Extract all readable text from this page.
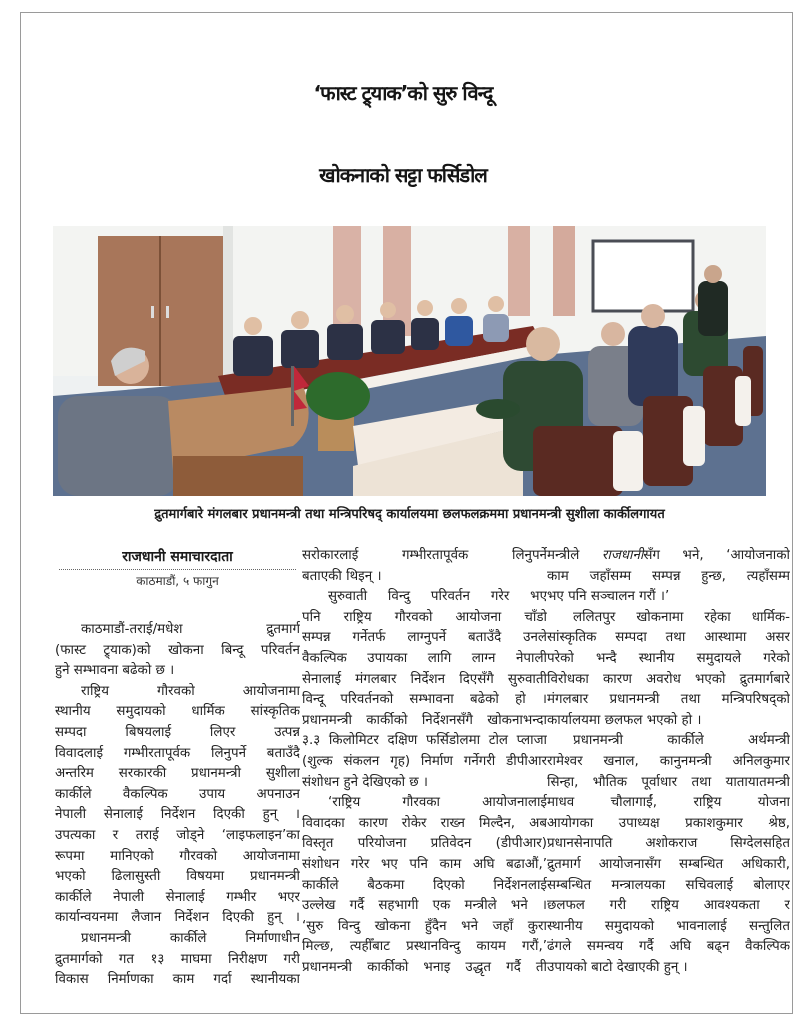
‘फास्ट ट्र्याक’को सुरु विन्दू
खोकनाको सट्टा फर्सिडोल
द्रुतमार्गबारे मंगलबार प्रधानमन्त्री तथा मन्त्रिपरिषद् कार्यालयमा छलफलक्रममा प्रधानमन्त्री सुशीला कार्कीलगायत
राजधानी समाचारदाता
काठमाडौं, ५ फागुन
काठमाडौं-तराई/मधेश द्रुतमार्ग
(फास्ट ट्र्याक)को खोकना बिन्दू परिवर्तन
हुने सम्भावना बढेको छ ।
राष्ट्रिय गौरवको आयोजनामा
स्थानीय समुदायको धार्मिक सांस्कृतिक
सम्पदा बिषयलाई लिएर उत्पन्न
विवादलाई गम्भीरतापूर्वक लिनुपर्ने बताउँदै
अन्तरिम सरकारकी प्रधानमन्त्री सुशीला
कार्कीले वैकल्पिक उपाय अपनाउन
नेपाली सेनालाई निर्देशन दिएकी हुन् ।
उपत्यका र तराई जोड्ने ‘लाइफलाइन’का
रूपमा मानिएको गौरवको आयोजनामा
भएको ढिलासुस्ती विषयमा प्रधानमन्त्री
कार्कीले नेपाली सेनालाई गम्भीर भएर
कार्यान्वयनमा लैजान निर्देशन दिएकी हुन् ।
प्रधानमन्त्री कार्कीले निर्माणाधीन
द्रुतमार्गको गत १३ माघमा निरीक्षण गरी
विकास निर्माणका काम गर्दा स्थानीयका
सरोकारलाई गम्भीरतापूर्वक लिनुपर्ने
बताएकी थिइन् ।
सुरुवाती विन्दु परिवर्तन गरेर भए
पनि राष्ट्रिय गौरवको आयोजना चाँडो
सम्पन्न गर्नेतर्फ लाग्नुपर्ने बताउँदै उनले
वैकल्पिक उपायका लागि लाग्न नेपाली
सेनालाई मंगलबार निर्देशन दिएसँगै सुरुवाती
विन्दू परिवर्तनको सम्भावना बढेको हो ।
प्रधानमन्त्री कार्कीको निर्देशनसँगै खोकनाभन्दा
३.३ किलोमिटर दक्षिण फर्सिडोलमा टोल प्लाजा
(शुल्क संकलन गृह) निर्माण गर्नेगरी डीपीआर
संशोधन हुने देखिएको छ ।
‘राष्ट्रिय गौरवका आयोजनालाई
विवादका कारण रोकेर राख्न मिल्दैन, अब
विस्तृत परियोजना प्रतिवेदन (डीपीआर)
संशोधन गरेर भए पनि काम अघि बढाऔं,’
कार्कीले बैठकमा दिएको निर्देशनलाई
उल्लेख गर्दै सहभागी एक मन्त्रीले भने ।
‘सुरु विन्दु खोकना हुँदैन भने जहाँ कुरा
मिल्छ, त्यहीँबाट प्रस्थानविन्दु कायम गरौं,’
प्रधानमन्त्री कार्कीको भनाइ उद्धृत गर्दै ती
मन्त्रीले राजधानीसँग भने, ‘आयोजनाको
काम जहाँसम्म सम्पन्न हुन्छ, त्यहाँसम्म
भए पनि सञ्चालन गरौं ।’
ललितपुर खोकनामा रहेका धार्मिक-
सांस्कृतिक सम्पदा तथा आस्थामा असर
परेको भन्दै स्थानीय समुदायले गरेको
विरोधका कारण अवरोध भएको द्रुतमार्गबारे
मंगलबार प्रधानमन्त्री तथा मन्त्रिपरिषद्को
कार्यालयमा छलफल भएको हो ।
प्रधानमन्त्री कार्कीले अर्थमन्त्री
रामेश्वर खनाल, कानुनमन्त्री अनिलकुमार
सिन्हा, भौतिक पूर्वाधार तथा यातायातमन्त्री
माधव चौलागाईं, राष्ट्रिय योजना
आयोगका उपाध्यक्ष प्रकाशकुमार श्रेष्ठ,
प्रधानसेनापति अशोकराज सिग्देलसहित
द्रुतमार्ग आयोजनासँग सम्बन्धित अधिकारी,
सम्बन्धित मन्त्रालयका सचिवलाई बोलाएर
छलफल गरी राष्ट्रिय आवश्यकता र
स्थानीय समुदायको भावनालाई सन्तुलित
ढंगले समन्वय गर्दै अघि बढ्न वैकल्पिक
उपायको बाटो देखाएकी हुन् ।
